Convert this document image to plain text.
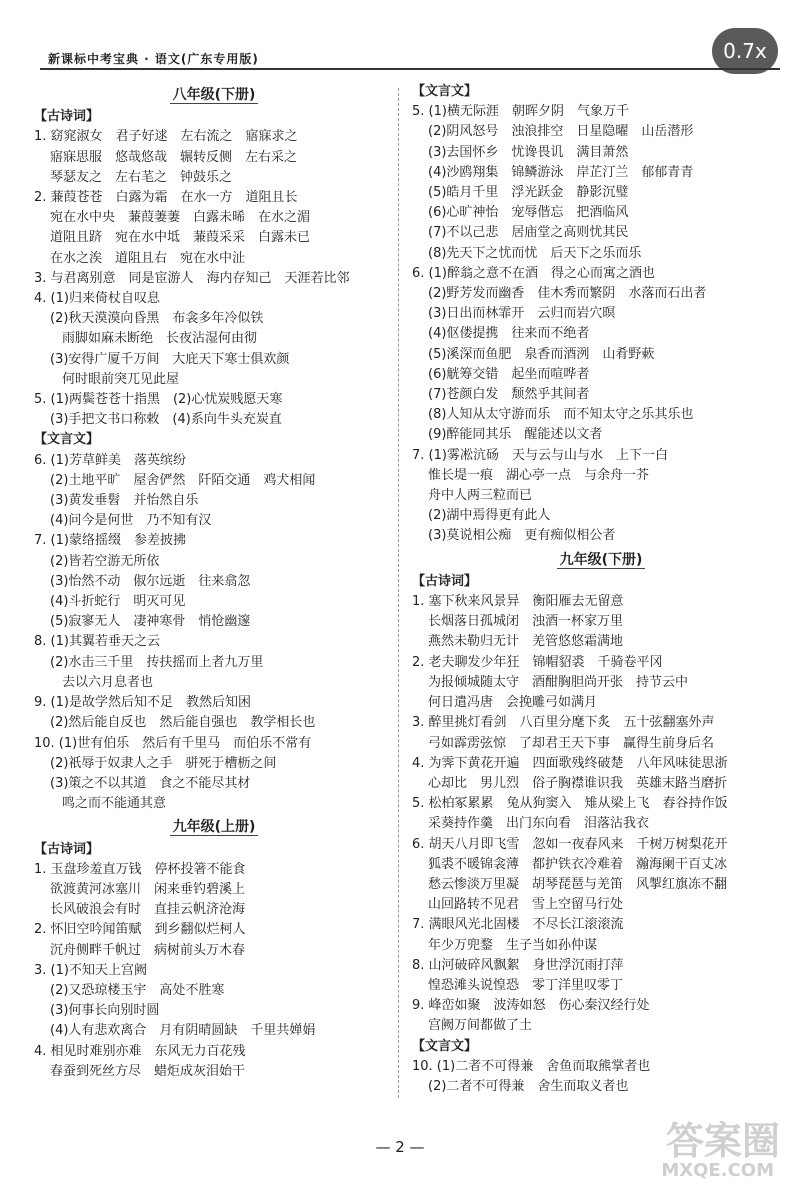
0.7x
新课标中考宝典 · 语文(广东专用版)
八年级(下册)
【古诗词】
1. 窈窕淑女　君子好逑　左右流之　寤寐求之
寤寐思服　悠哉悠哉　辗转反侧　左右采之
琴瑟友之　左右芼之　钟鼓乐之
2. 蒹葭苍苍　白露为霜　在水一方　道阻且长
宛在水中央　蒹葭萋萋　白露未晞　在水之湄
道阻且跻　宛在水中坻　蒹葭采采　白露未已
在水之涘　道阻且右　宛在水中沚
3. 与君离别意　同是宦游人　海内存知己　天涯若比邻
4. (1)归来倚杖自叹息
(2)秋天漠漠向昏黑　布衾多年冷似铁
雨脚如麻未断绝　长夜沾湿何由彻
(3)安得广厦千万间　大庇天下寒士俱欢颜
何时眼前突兀见此屋
5. (1)两鬓苍苍十指黑　(2)心忧炭贱愿天寒
(3)手把文书口称敕　(4)系向牛头充炭直
【文言文】
6. (1)芳草鲜美　落英缤纷
(2)土地平旷　屋舍俨然　阡陌交通　鸡犬相闻
(3)黄发垂髫　并怡然自乐
(4)问今是何世　乃不知有汉
7. (1)蒙络摇缀　参差披拂
(2)皆若空游无所依
(3)怡然不动　俶尔远逝　往来翕忽
(4)斗折蛇行　明灭可见
(5)寂寥无人　凄神寒骨　悄怆幽邃
8. (1)其翼若垂天之云
(2)水击三千里　抟扶摇而上者九万里
去以六月息者也
9. (1)是故学然后知不足　教然后知困
(2)然后能自反也　然后能自强也　教学相长也
10. (1)世有伯乐　然后有千里马　而伯乐不常有
(2)祇辱于奴隶人之手　骈死于槽枥之间
(3)策之不以其道　食之不能尽其材
鸣之而不能通其意
九年级(上册)
【古诗词】
1. 玉盘珍羞直万钱　停杯投箸不能食
欲渡黄河冰塞川　闲来垂钓碧溪上
长风破浪会有时　直挂云帆济沧海
2. 怀旧空吟闻笛赋　到乡翻似烂柯人
沉舟侧畔千帆过　病树前头万木春
3. (1)不知天上宫阙
(2)又恐琼楼玉宇　高处不胜寒
(3)何事长向别时圆
(4)人有悲欢离合　月有阴晴圆缺　千里共婵娟
4. 相见时难别亦难　东风无力百花残
春蚕到死丝方尽　蜡炬成灰泪始干
【文言文】
5. (1)横无际涯　朝晖夕阴　气象万千
(2)阴风怒号　浊浪排空　日星隐曜　山岳潜形
(3)去国怀乡　忧谗畏讥　满目萧然
(4)沙鸥翔集　锦鳞游泳　岸芷汀兰　郁郁青青
(5)皓月千里　浮光跃金　静影沉璧
(6)心旷神怡　宠辱偕忘　把酒临风
(7)不以己悲　居庙堂之高则忧其民
(8)先天下之忧而忧　后天下之乐而乐
6. (1)醉翁之意不在酒　得之心而寓之酒也
(2)野芳发而幽香　佳木秀而繁阴　水落而石出者
(3)日出而林霏开　云归而岩穴暝
(4)伛偻提携　往来而不绝者
(5)溪深而鱼肥　泉香而酒洌　山肴野蔌
(6)觥筹交错　起坐而喧哗者
(7)苍颜白发　颓然乎其间者
(8)人知从太守游而乐　而不知太守之乐其乐也
(9)醉能同其乐　醒能述以文者
7. (1)雾凇沆砀　天与云与山与水　上下一白
惟长堤一痕　湖心亭一点　与余舟一芥
舟中人两三粒而已
(2)湖中焉得更有此人
(3)莫说相公痴　更有痴似相公者
九年级(下册)
【古诗词】
1. 塞下秋来风景异　衡阳雁去无留意
长烟落日孤城闭　浊酒一杯家万里
燕然未勒归无计　羌管悠悠霜满地
2. 老夫聊发少年狂　锦帽貂裘　千骑卷平冈
为报倾城随太守　酒酣胸胆尚开张　持节云中
何日遣冯唐　会挽雕弓如满月
3. 醉里挑灯看剑　八百里分麾下炙　五十弦翻塞外声
弓如霹雳弦惊　了却君王天下事　赢得生前身后名
4. 为霁下黄花开遍　四面歌残终破楚　八年风味徒思浙
心却比　男儿烈　俗子胸襟谁识我　英雄末路当磨折
5. 松柏冢累累　兔从狗窦入　雉从梁上飞　舂谷持作饭
采葵持作羹　出门东向看　泪落沾我衣
6. 胡天八月即飞雪　忽如一夜春风来　千树万树梨花开
狐裘不暖锦衾薄　都护铁衣冷难着　瀚海阑干百丈冰
愁云惨淡万里凝　胡琴琵琶与羌笛　风掣红旗冻不翻
山回路转不见君　雪上空留马行处
7. 满眼风光北固楼　不尽长江滚滚流
年少万兜鍪　生子当如孙仲谋
8. 山河破碎风飘絮　身世浮沉雨打萍
惶恐滩头说惶恐　零丁洋里叹零丁
9. 峰峦如聚　波涛如怒　伤心秦汉经行处
宫阙万间都做了土
【文言文】
10. (1)二者不可得兼　舍鱼而取熊掌者也
(2)二者不可得兼　舍生而取义者也
— 2 —	答案圈
MXQE.COM
